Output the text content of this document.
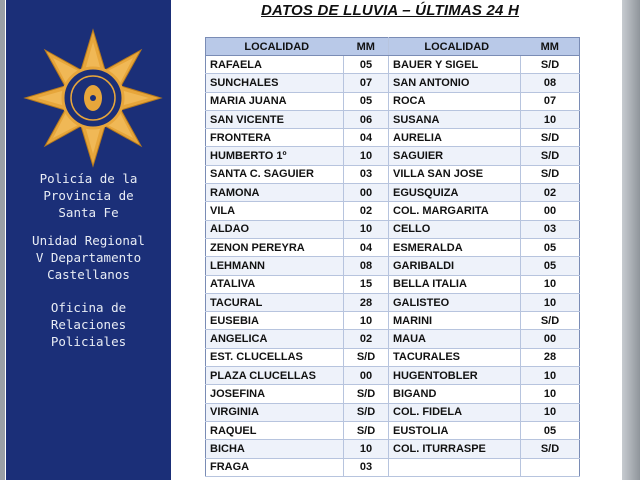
Policía de la
Provincia de
Santa Fe
Unidad Regional
V Departamento
Castellanos
Oficina de
Relaciones
Policiales
DATOS DE LLUVIA – ÚLTIMAS 24 H
LOCALIDAD	MM	LOCALIDAD	MM
RAFAELA	05	BAUER Y SIGEL	S/D
SUNCHALES	07	SAN ANTONIO	08
MARIA JUANA	05	ROCA	07
SAN VICENTE	06	SUSANA	10
FRONTERA	04	AURELIA	S/D
HUMBERTO 1º	10	SAGUIER	S/D
SANTA C. SAGUIER	03	VILLA SAN JOSE	S/D
RAMONA	00	EGUSQUIZA	02
VILA	02	COL. MARGARITA	00
ALDAO	10	CELLO	03
ZENON PEREYRA	04	ESMERALDA	05
LEHMANN	08	GARIBALDI	05
ATALIVA	15	BELLA ITALIA	10
TACURAL	28	GALISTEO	10
EUSEBIA	10	MARINI	S/D
ANGELICA	02	MAUA	00
EST. CLUCELLAS	S/D	TACURALES	28
PLAZA CLUCELLAS	00	HUGENTOBLER	10
JOSEFINA	S/D	BIGAND	10
VIRGINIA	S/D	COL. FIDELA	10
RAQUEL	S/D	EUSTOLIA	05
BICHA	10	COL. ITURRASPE	S/D
FRAGA	03		
